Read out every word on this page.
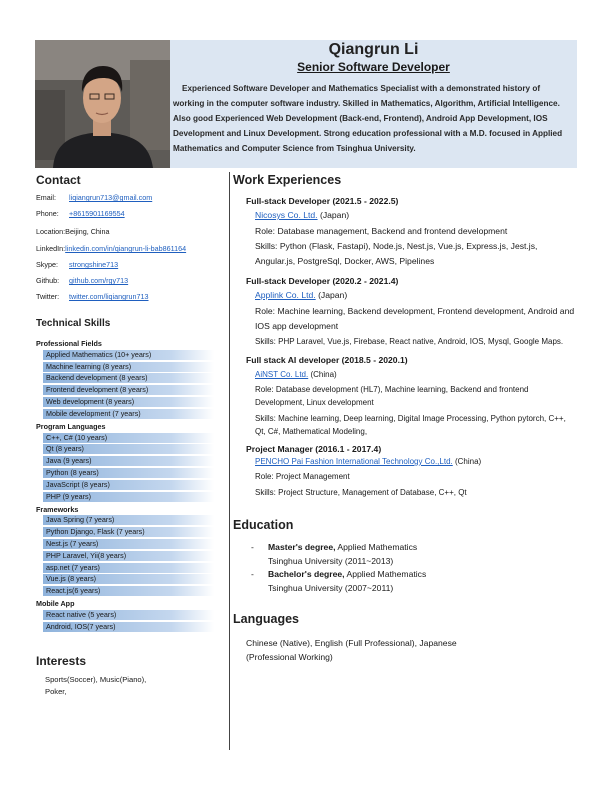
Qiangrun Li
Senior Software Developer
Experienced Software Developer and Mathematics Specialist with a demonstrated history of working in the computer software industry. Skilled in Mathematics, Algorithm, Artificial Intelligence. Also good Experienced Web Development (Back-end, Frontend), Android App Development, IOS Development and Linux Development. Strong education professional with a M.D. focused in Applied Mathematics and Computer Science from Tsinghua University.
Contact
Email:	liqiangrun713@gmail.com
Phone:	+8615901169554
Location:Beijing, China
LinkedIn: linkedin.com/in/qiangrun-li-bab861164
Skype:	strongshine713
Github:	github.com/rgy713
Twitter:	twitter.com/liqiangrun713
Technical Skills
Professional Fields
Applied Mathematics (10+ years)
Machine learning (8 years)
Backend development (8 years)
Frontend development (8 years)
Web development (8 years)
Mobile development (7 years)
Program Languages
C++, C# (10 years)
Qt (8 years)
Java (9 years)
Python (8 years)
JavaScript (8 years)
PHP (9 years)
Frameworks
Java Spring (7 years)
Python Django, Flask (7 years)
Nest.js (7 years)
PHP Laravel, Yii(8 years)
asp.net (7 years)
Vue.js (8 years)
React.js(6 years)
Mobile App
React native (5 years)
Android, IOS(7 years)
Interests
Sports(Soccer), Music(Piano),
Poker,
Work Experiences
Full-stack Developer (2021.5 - 2022.5)
Nicosys Co. Ltd. (Japan)
Role: Database management, Backend and frontend development
Skills: Python (Flask, Fastapi), Node.js, Nest.js, Vue.js, Express.js, Jest.js, Angular.js, PostgreSql, Docker, AWS, Pipelines
Full-stack Developer (2020.2 - 2021.4)
Applink Co. Ltd. (Japan)
Role: Machine learning, Backend development, Frontend development, Android and IOS app development
Skills: PHP Laravel, Vue.js, Firebase, React native, Android, IOS, Mysql, Google Maps.
Full stack AI developer (2018.5 - 2020.1)
AiNST Co. Ltd. (China)
Role: Database development (HL7), Machine learning, Backend and frontend Development, Linux development
Skills: Machine learning, Deep learning, Digital Image Processing, Python pytorch, C++, Qt, C#, Mathematical Modeling,
Project Manager (2016.1 - 2017.4)
PENCHO Pai Fashion International Technology Co.,Ltd. (China)
Role: Project Management
Skills: Project Structure, Management of Database, C++, Qt
Education
- Master's degree, Applied Mathematics
Tsinghua University (2011~2013)
- Bachelor's degree, Applied Mathematics
Tsinghua University (2007~2011)
Languages
Chinese (Native), English (Full Professional), Japanese (Professional Working)
